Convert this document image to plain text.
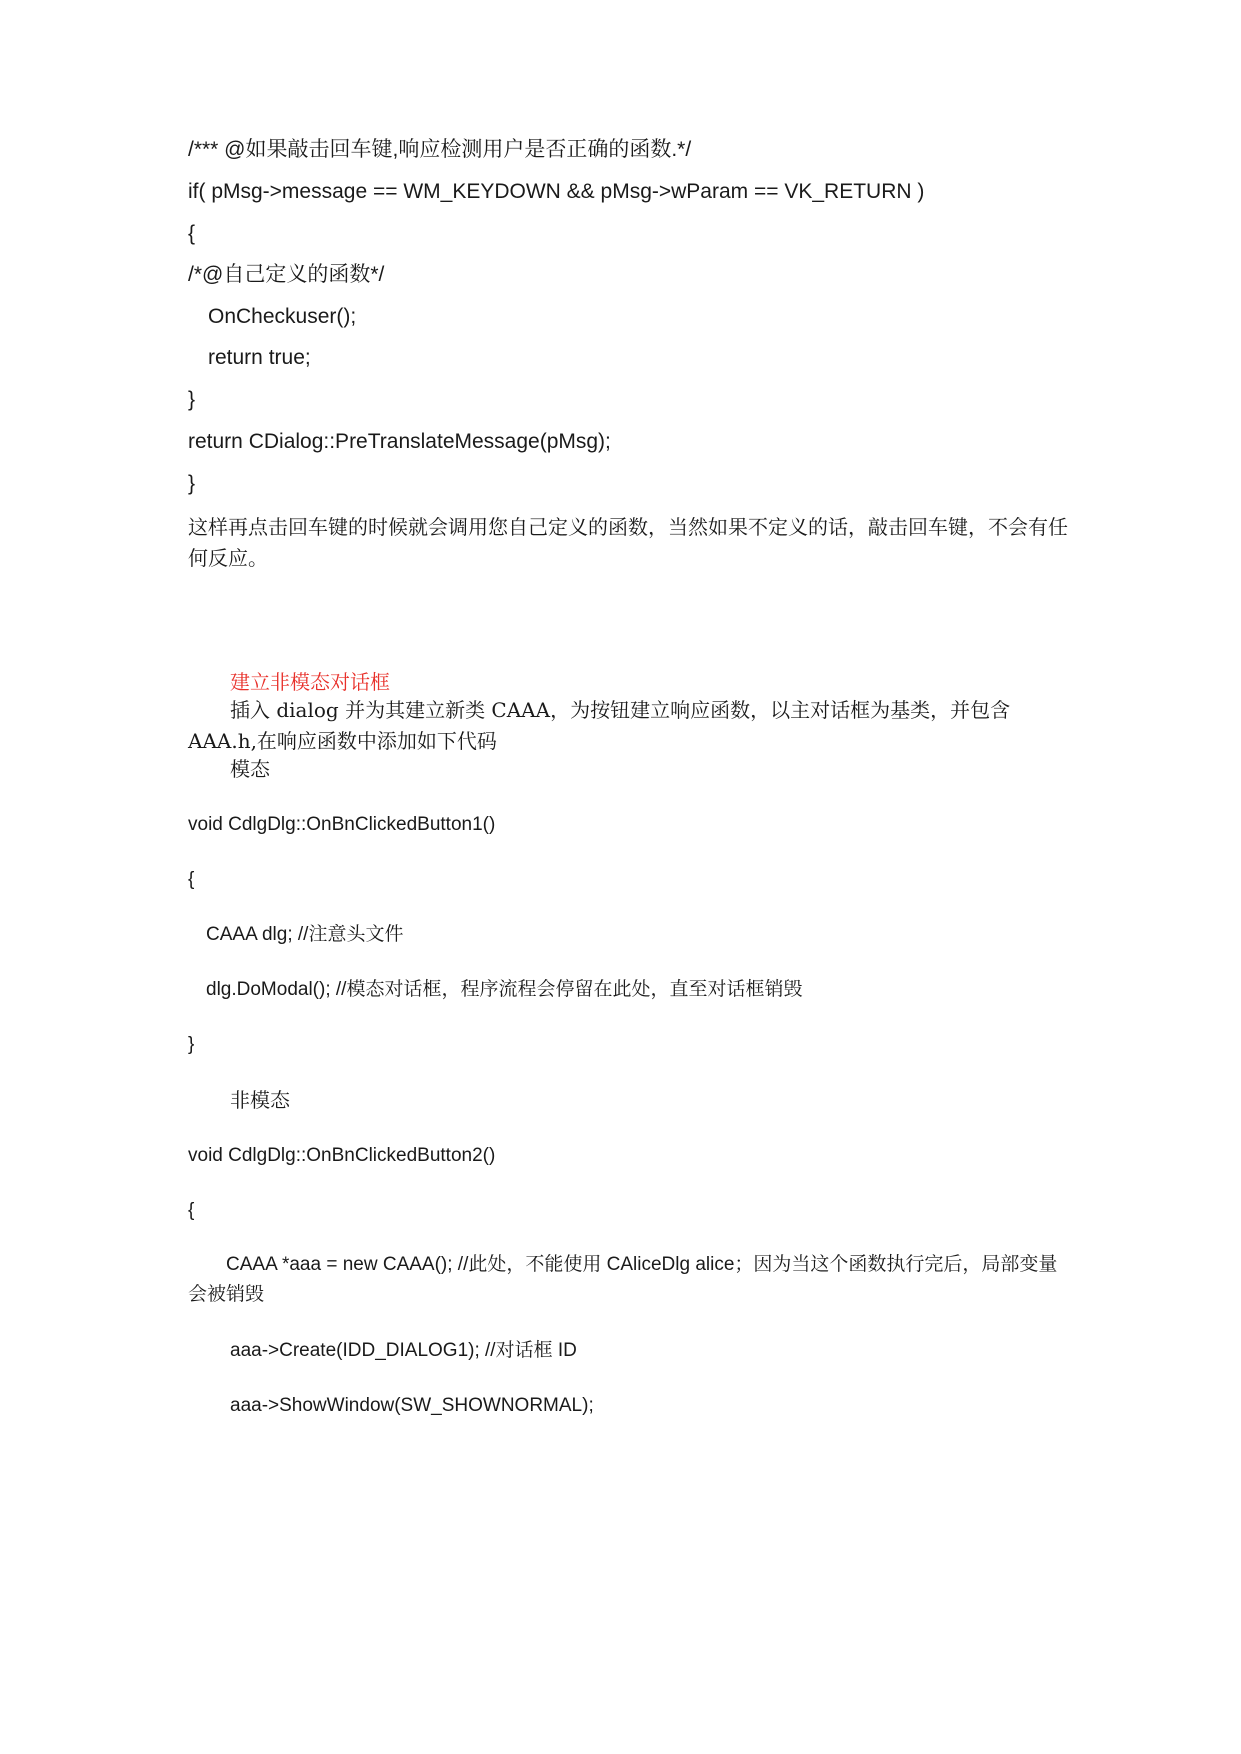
/*** @如果敲击回车键,响应检测用户是否正确的函数.*/
if( pMsg->message == WM_KEYDOWN && pMsg->wParam == VK_RETURN )
{
/*@自己定义的函数*/
OnCheckuser();
return true;
}
return CDialog::PreTranslateMessage(pMsg);
}
这样再点击回车键的时候就会调用您自己定义的函数，当然如果不定义的话，敲击回车键，不会有任何反应。
建立非模态对话框
插入 dialog 并为其建立新类 CAAA，为按钮建立响应函数，以主对话框为基类，并包含 AAA.h,在响应函数中添加如下代码
模态
void CdlgDlg::OnBnClickedButton1()
{
CAAA dlg; //注意头文件
dlg.DoModal(); //模态对话框，程序流程会停留在此处，直至对话框销毁
}
非模态
void CdlgDlg::OnBnClickedButton2()
{
CAAA *aaa = new CAAA(); //此处，不能使用 CAliceDlg alice；因为当这个函数执行完后，局部变量会被销毁
aaa->Create(IDD_DIALOG1); //对话框 ID
aaa->ShowWindow(SW_SHOWNORMAL);
